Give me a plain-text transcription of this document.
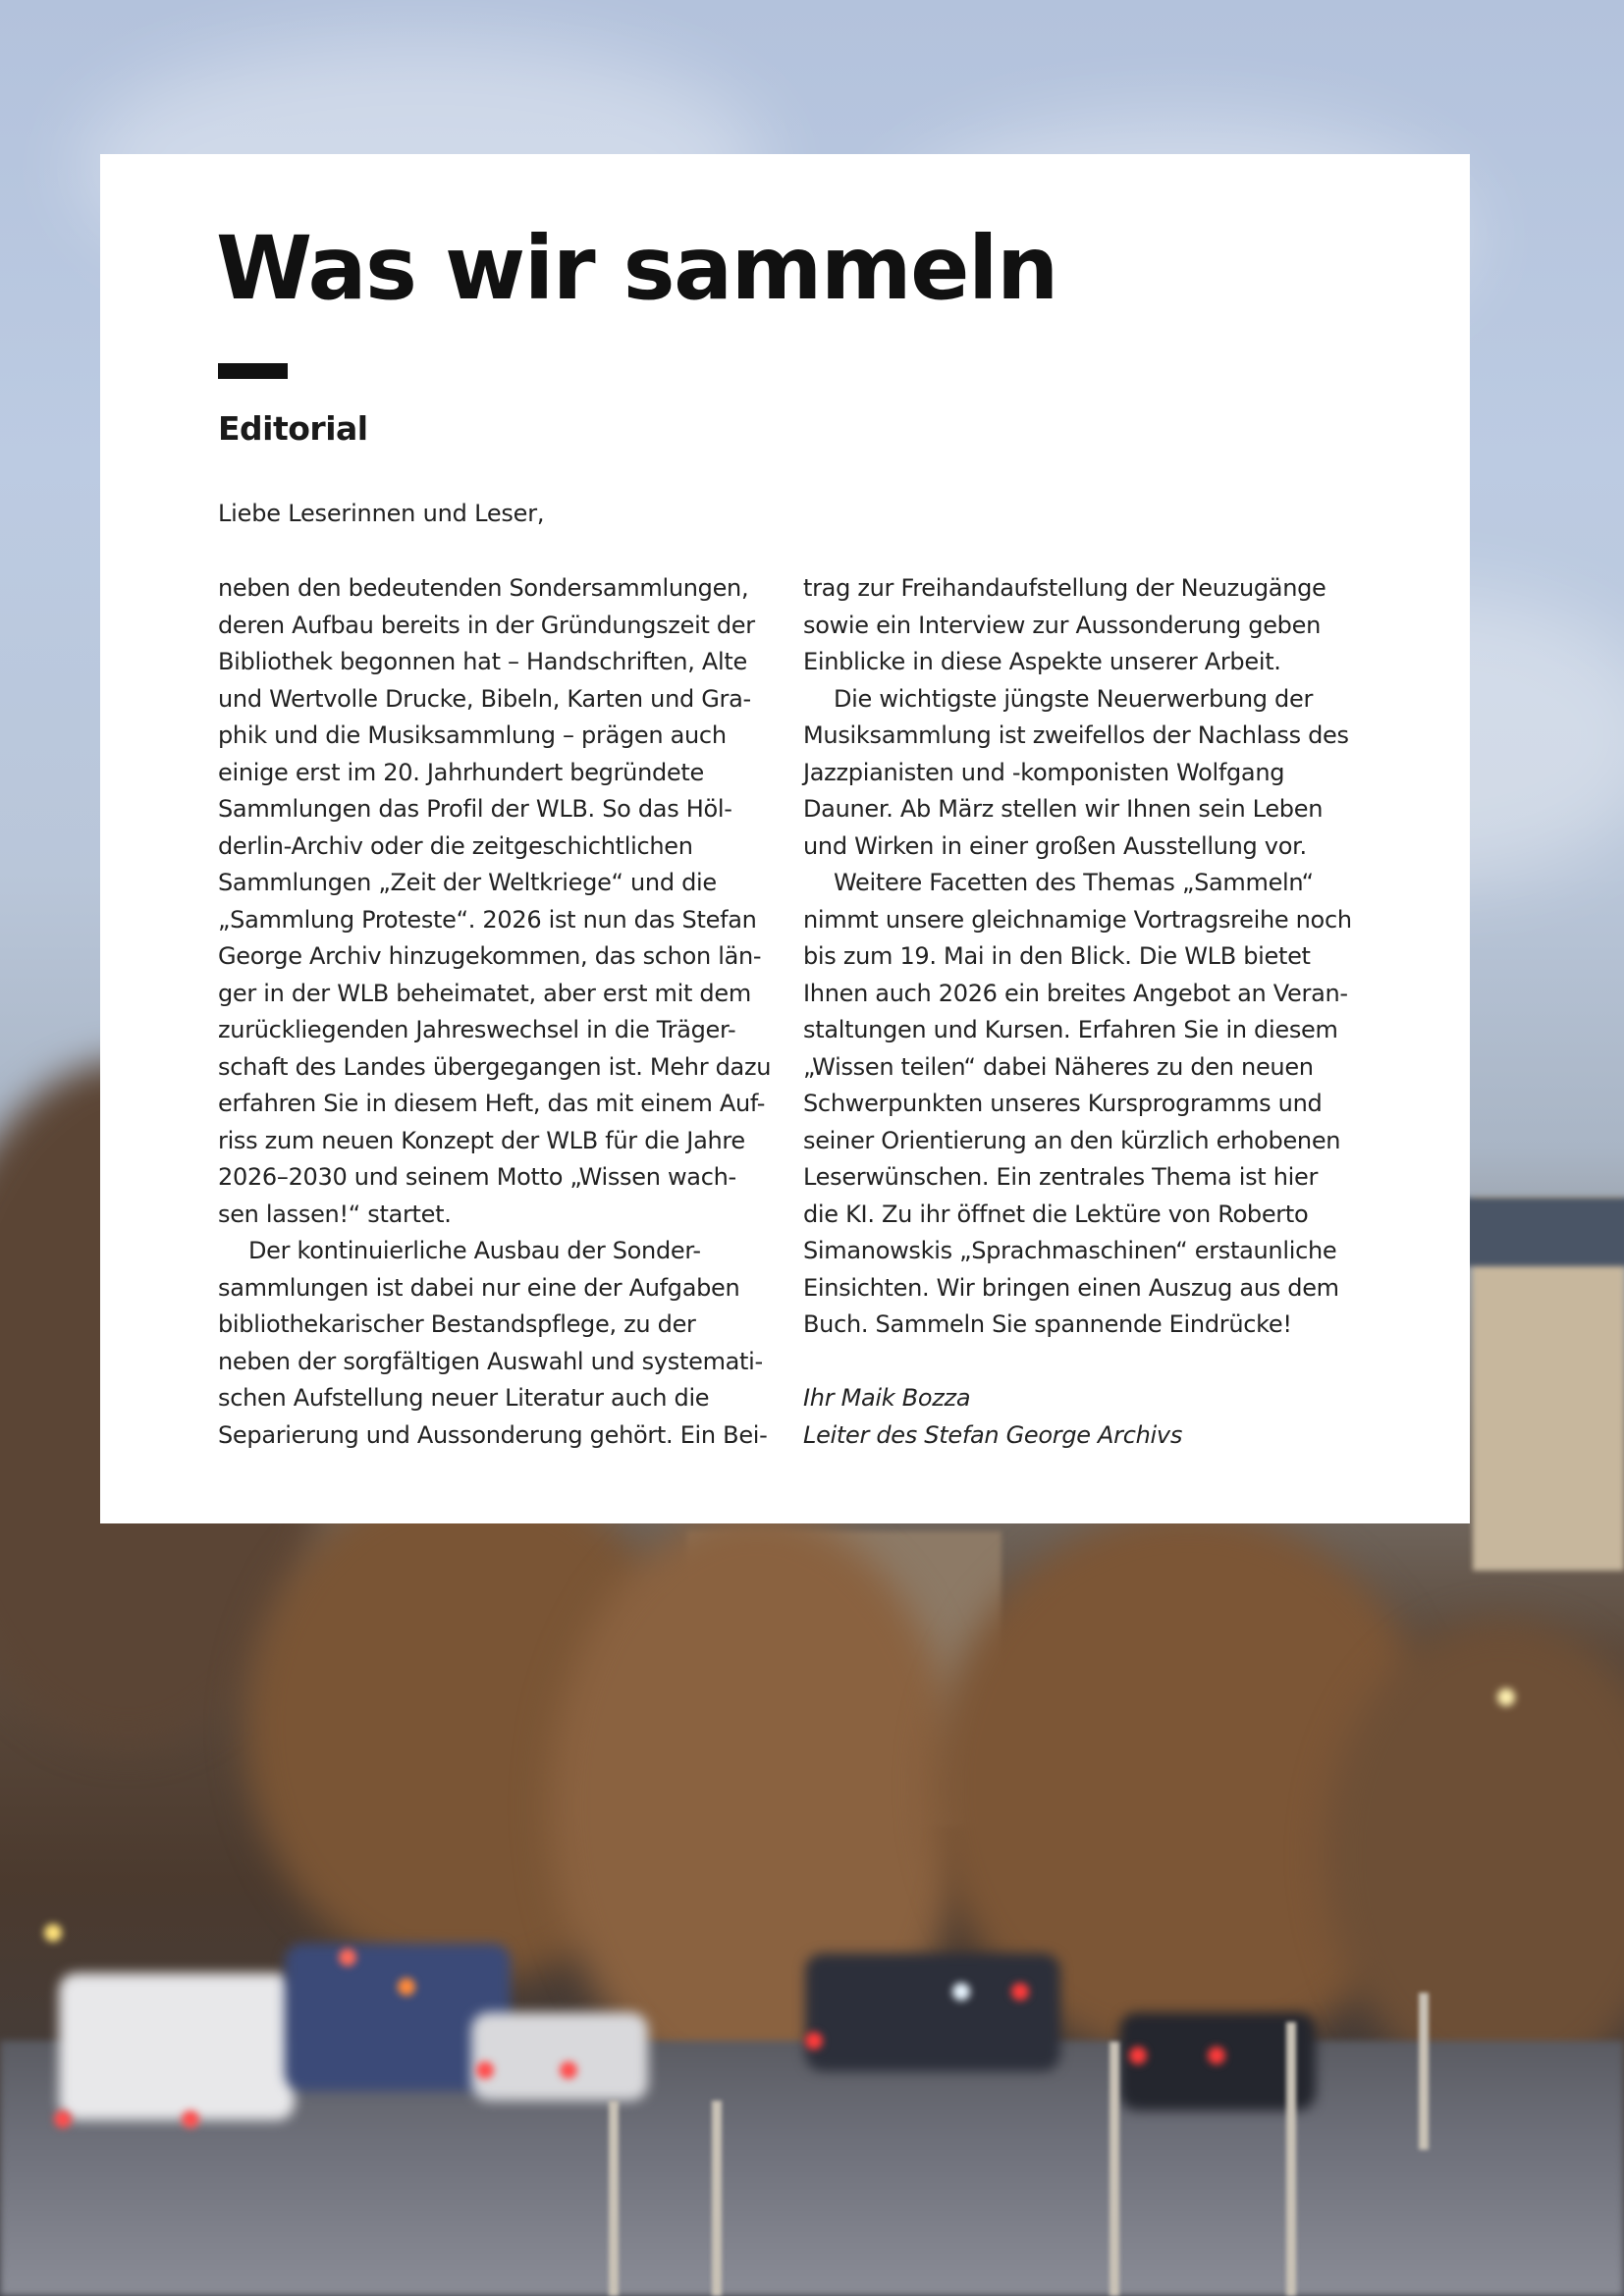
Was wir sammeln
Editorial

Liebe Leserinnen und Leser,

neben den bedeutenden Sondersammlungen,

deren Aufbau bereits in der Gründungszeit der

Bibliothek begonnen hat – Handschriften, Alte

und Wertvolle Drucke, Bibeln, Karten und Gra-

phik und die Musiksammlung – prägen auch

einige erst im 20. Jahrhundert begründete

Sammlungen das Profil der WLB. So das Höl-

derlin-Archiv oder die zeitgeschichtlichen

Sammlungen „Zeit der Weltkriege“ und die

„Sammlung Proteste“. 2026 ist nun das Stefan

George Archiv hinzugekommen, das schon län-

ger in der WLB beheimatet, aber erst mit dem

zurückliegenden Jahreswechsel in die Träger-

schaft des Landes übergegangen ist. Mehr dazu

erfahren Sie in diesem Heft, das mit einem Auf-

riss zum neuen Konzept der WLB für die Jahre

2026–2030 und seinem Motto „Wissen wach-

sen lassen!“ startet.

Der kontinuierliche Ausbau der Sonder-

sammlungen ist dabei nur eine der Aufgaben

bibliothekarischer Bestandspflege, zu der

neben der sorgfältigen Auswahl und systemati-

schen Aufstellung neuer Literatur auch die

Separierung und Aussonderung gehört. Ein Bei-

trag zur Freihandaufstellung der Neuzugänge

sowie ein Interview zur Aussonderung geben

Einblicke in diese Aspekte unserer Arbeit.

Die wichtigste jüngste Neuerwerbung der

Musiksammlung ist zweifellos der Nachlass des

Jazzpianisten und -komponisten Wolfgang

Dauner. Ab März stellen wir Ihnen sein Leben

und Wirken in einer großen Ausstellung vor.

Weitere Facetten des Themas „Sammeln“

nimmt unsere gleichnamige Vortragsreihe noch

bis zum 19. Mai in den Blick. Die WLB bietet

Ihnen auch 2026 ein breites Angebot an Veran-

staltungen und Kursen. Erfahren Sie in diesem

„Wissen teilen“ dabei Näheres zu den neuen

Schwerpunkten unseres Kursprogramms und

seiner Orientierung an den kürzlich erhobenen

Leserwünschen. Ein zentrales Thema ist hier

die KI. Zu ihr öffnet die Lektüre von Roberto

Simanowskis „Sprachmaschinen“ erstaunliche

Einsichten. Wir bringen einen Auszug aus dem

Buch. Sammeln Sie spannende Eindrücke!

Ihr Maik Bozza

Leiter des Stefan George Archivs
